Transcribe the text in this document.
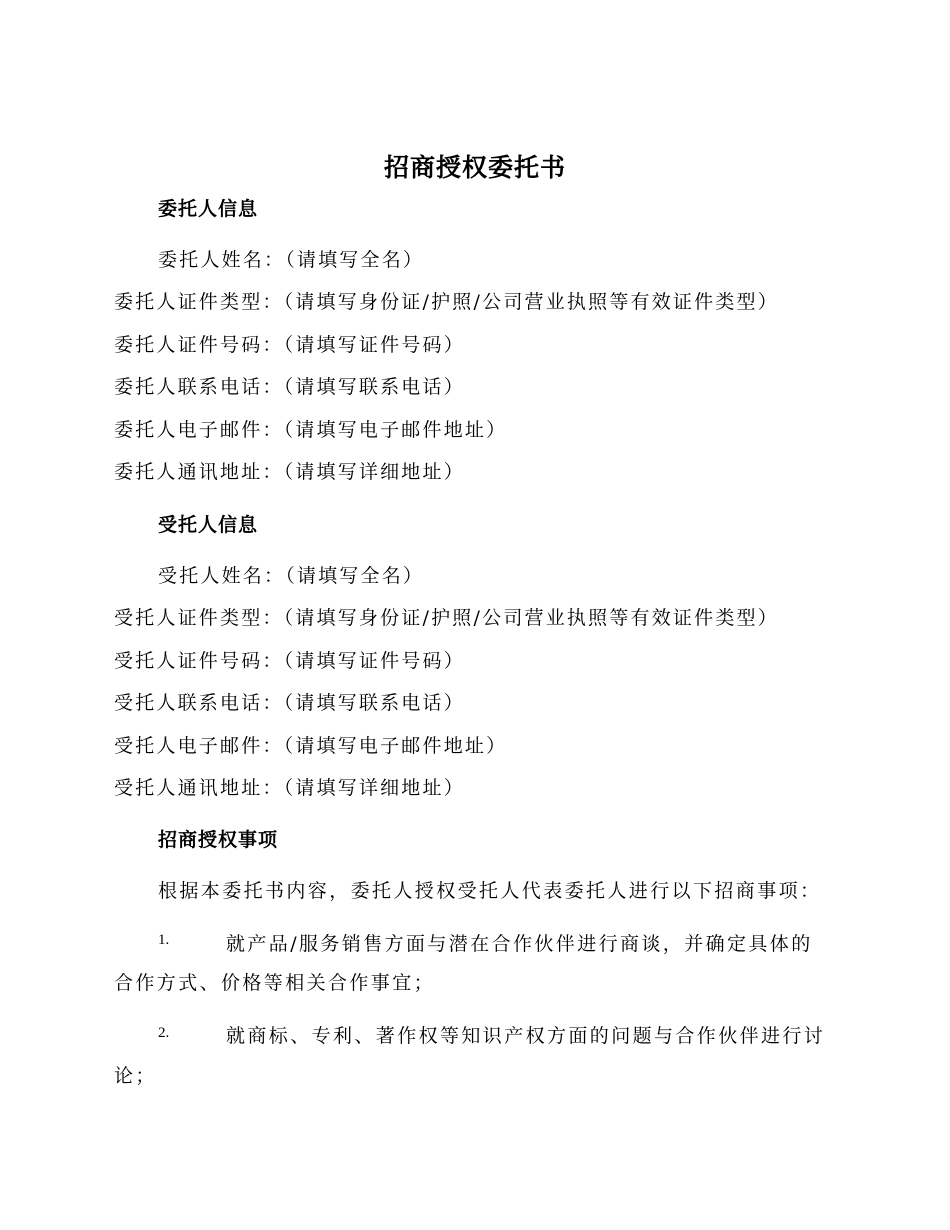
招商授权委托书
委托人信息
委托人姓名：（请填写全名）
委托人证件类型：（请填写身份证/护照/公司营业执照等有效证件类型）
委托人证件号码：（请填写证件号码）
委托人联系电话：（请填写联系电话）
委托人电子邮件：（请填写电子邮件地址）
委托人通讯地址：（请填写详细地址）
受托人信息
受托人姓名：（请填写全名）
受托人证件类型：（请填写身份证/护照/公司营业执照等有效证件类型）
受托人证件号码：（请填写证件号码）
受托人联系电话：（请填写联系电话）
受托人电子邮件：（请填写电子邮件地址）
受托人通讯地址：（请填写详细地址）
招商授权事项
根据本委托书内容，委托人授权受托人代表委托人进行以下招商事项：
1.	就产品/服务销售方面与潜在合作伙伴进行商谈，并确定具体的
合作方式、价格等相关合作事宜；
2.	就商标、专利、著作权等知识产权方面的问题与合作伙伴进行讨
论；
